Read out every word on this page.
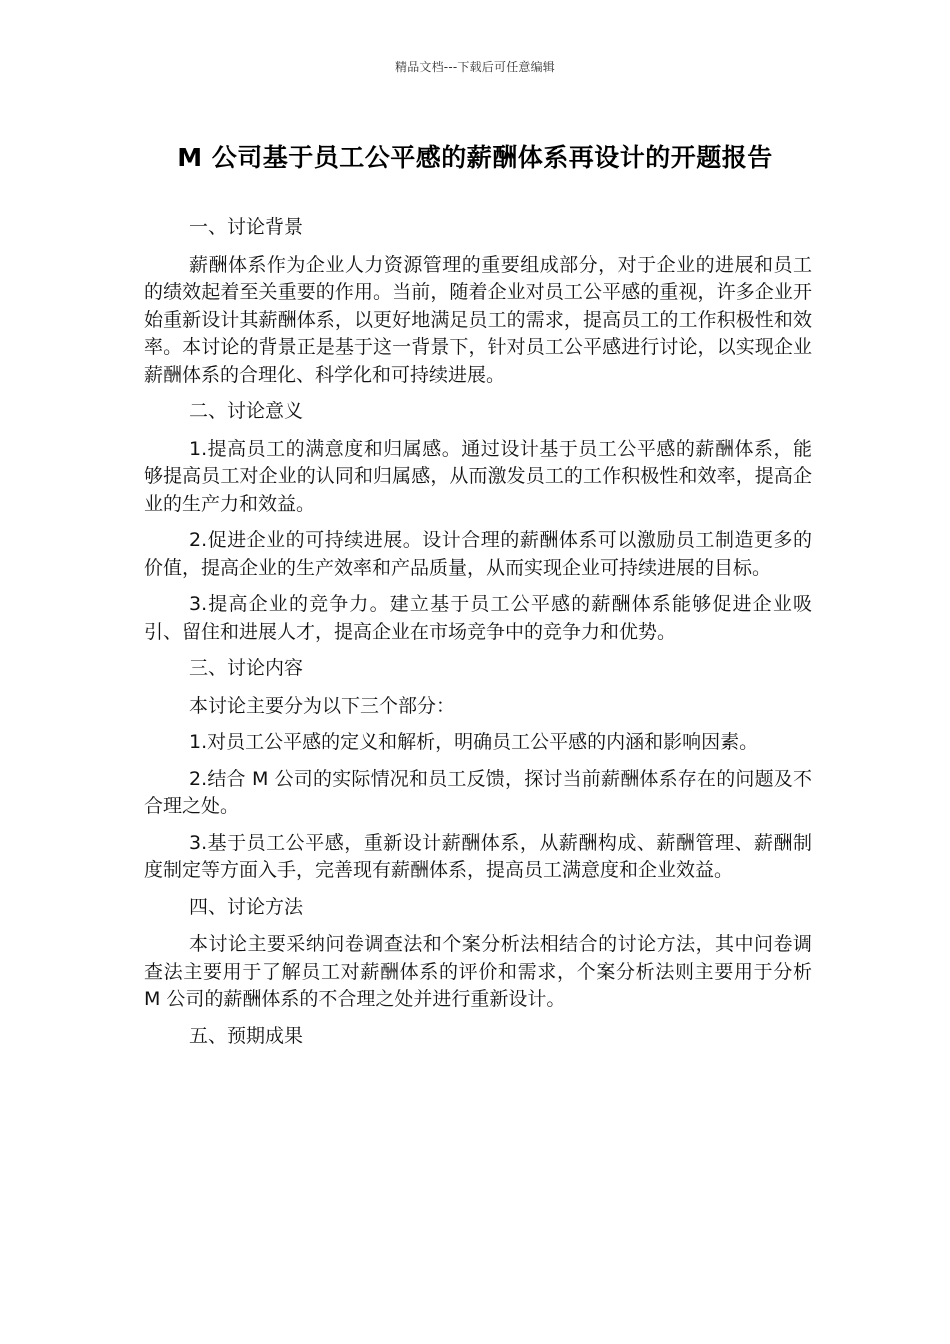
精品文档---下载后可任意编辑
M 公司基于员工公平感的薪酬体系再设计的开题报告
一、讨论背景
薪酬体系作为企业人力资源管理的重要组成部分，对于企业的进展和员工的绩效起着至关重要的作用。当前，随着企业对员工公平感的重视，许多企业开始重新设计其薪酬体系，以更好地满足员工的需求，提高员工的工作积极性和效率。本讨论的背景正是基于这一背景下，针对员工公平感进行讨论，以实现企业薪酬体系的合理化、科学化和可持续进展。
二、讨论意义
1.提高员工的满意度和归属感。通过设计基于员工公平感的薪酬体系，能够提高员工对企业的认同和归属感，从而激发员工的工作积极性和效率，提高企业的生产力和效益。
2.促进企业的可持续进展。设计合理的薪酬体系可以激励员工制造更多的价值，提高企业的生产效率和产品质量，从而实现企业可持续进展的目标。
3.提高企业的竞争力。建立基于员工公平感的薪酬体系能够促进企业吸引、留住和进展人才，提高企业在市场竞争中的竞争力和优势。
三、讨论内容
本讨论主要分为以下三个部分：
1.对员工公平感的定义和解析，明确员工公平感的内涵和影响因素。
2.结合 M 公司的实际情况和员工反馈，探讨当前薪酬体系存在的问题及不合理之处。
3.基于员工公平感，重新设计薪酬体系，从薪酬构成、薪酬管理、薪酬制度制定等方面入手，完善现有薪酬体系，提高员工满意度和企业效益。
四、讨论方法
本讨论主要采纳问卷调查法和个案分析法相结合的讨论方法，其中问卷调查法主要用于了解员工对薪酬体系的评价和需求，个案分析法则主要用于分析 M 公司的薪酬体系的不合理之处并进行重新设计。
五、预期成果
